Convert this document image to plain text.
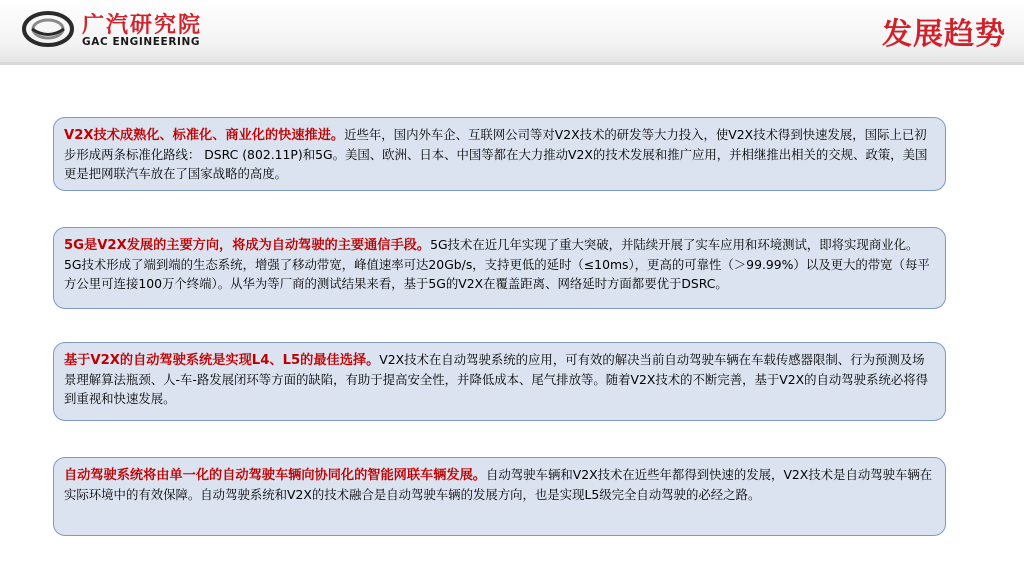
广汽研究院
GAC ENGINEERING	发展趋势
V2X技术成熟化、标准化、商业化的快速推进。近些年，国内外车企、互联网公司等对V2X技术的研发等大力投入，使V2X技术得到快速发展，国际上已初步形成两条标准化路线： DSRC (802.11P)和5G。美国、欧洲、日本、中国等都在大力推动V2X的技术发展和推广应用，并相继推出相关的交规、政策，美国更是把网联汽车放在了国家战略的高度。
5G是V2X发展的主要方向，将成为自动驾驶的主要通信手段。5G技术在近几年实现了重大突破，并陆续开展了实车应用和环境测试，即将实现商业化。5G技术形成了端到端的生态系统，增强了移动带宽，峰值速率可达20Gb/s，支持更低的延时（≤10ms），更高的可靠性（＞99.99%）以及更大的带宽（每平方公里可连接100万个终端）。从华为等厂商的测试结果来看，基于5G的V2X在覆盖距离、网络延时方面都要优于DSRC。
基于V2X的自动驾驶系统是实现L4、L5的最佳选择。V2X技术在自动驾驶系统的应用，可有效的解决当前自动驾驶车辆在车载传感器限制、行为预测及场景理解算法瓶颈、人-车-路发展闭环等方面的缺陷，有助于提高安全性，并降低成本、尾气排放等。随着V2X技术的不断完善，基于V2X的自动驾驶系统必将得到重视和快速发展。
自动驾驶系统将由单一化的自动驾驶车辆向协同化的智能网联车辆发展。自动驾驶车辆和V2X技术在近些年都得到快速的发展，V2X技术是自动驾驶车辆在实际环境中的有效保障。自动驾驶系统和V2X的技术融合是自动驾驶车辆的发展方向，也是实现L5级完全自动驾驶的必经之路。
